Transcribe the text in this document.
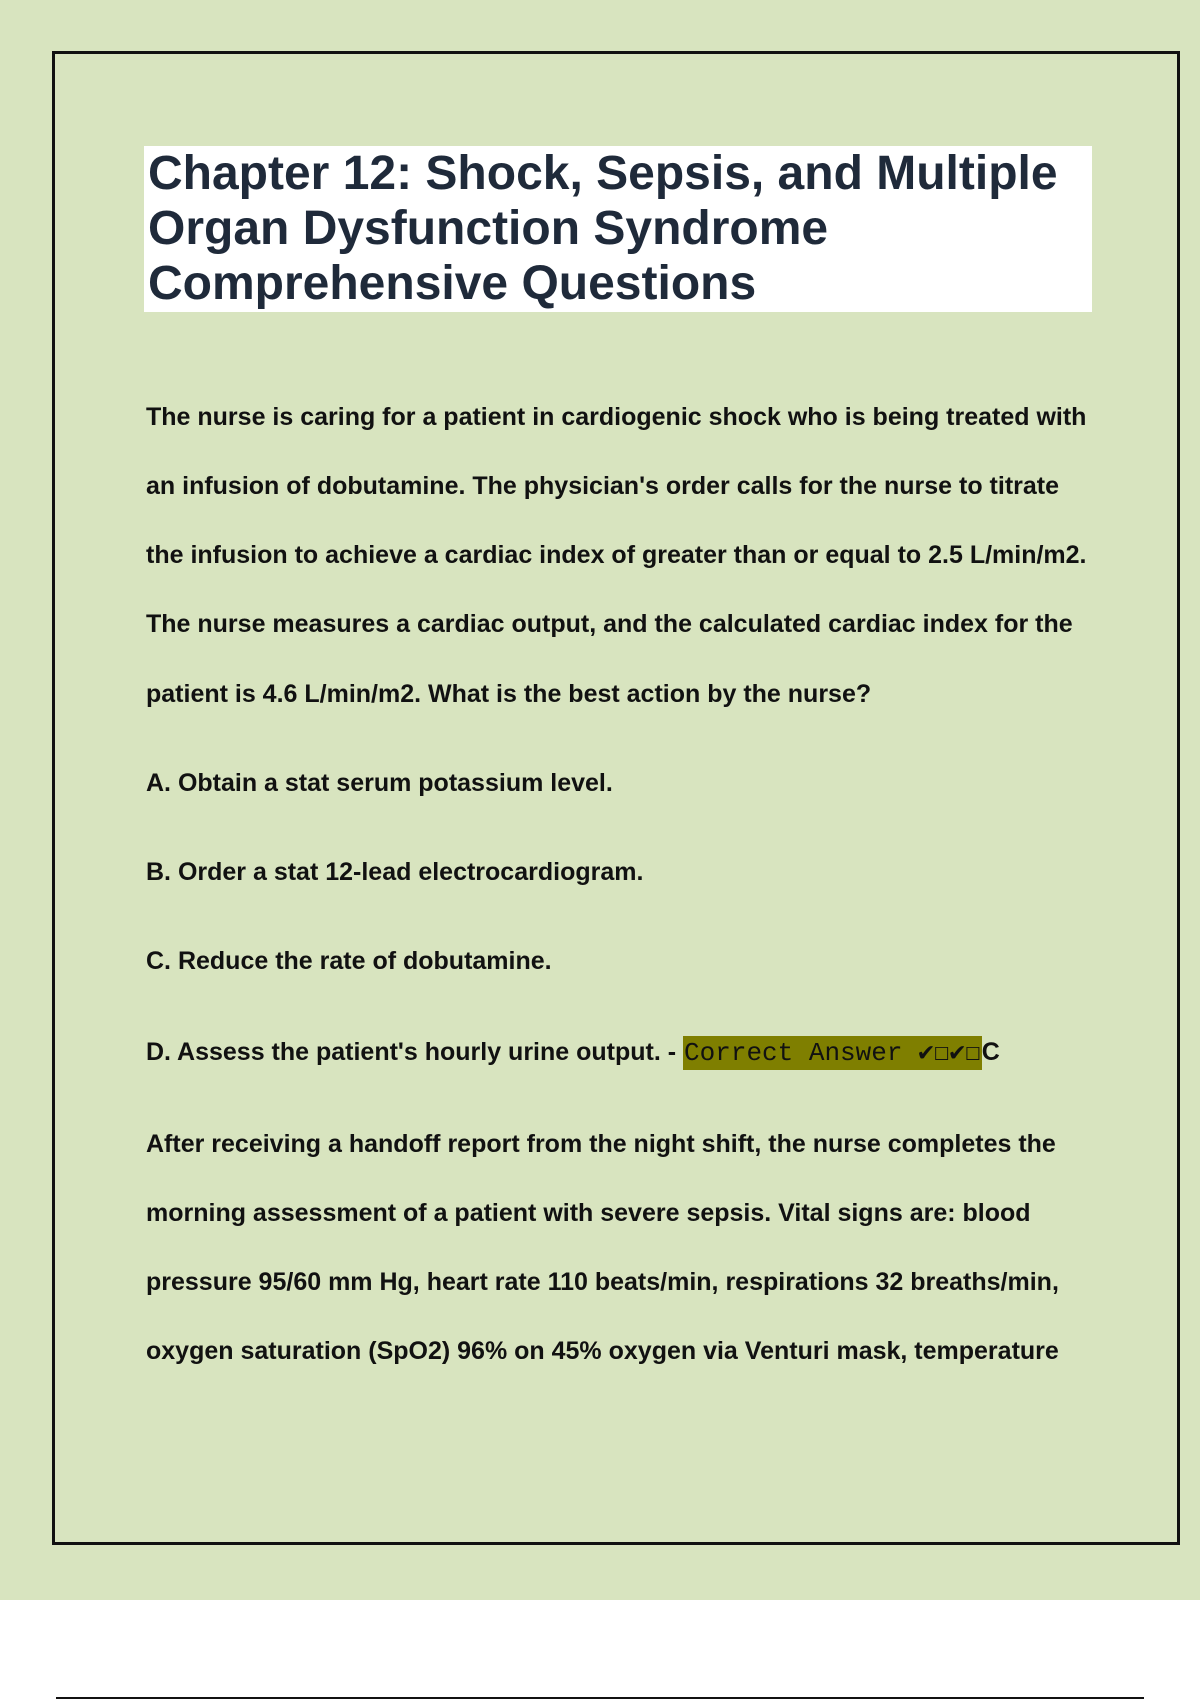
Chapter 12: Shock, Sepsis, and Multiple

Organ Dysfunction Syndrome

Comprehensive Questions

The nurse is caring for a patient in cardiogenic shock who is being treated with
an infusion of dobutamine. The physician's order calls for the nurse to titrate
the infusion to achieve a cardiac index of greater than or equal to 2.5 L/min/m2.
The nurse measures a cardiac output, and the calculated cardiac index for the
patient is 4.6 L/min/m2. What is the best action by the nurse?
A. Obtain a stat serum potassium level.
B. Order a stat 12-lead electrocardiogram.
C. Reduce the rate of dobutamine.
D. Assess the patient's hourly urine output. - Correct Answer ✔☐✔☐C
After receiving a handoff report from the night shift, the nurse completes the
morning assessment of a patient with severe sepsis. Vital signs are: blood
pressure 95/60 mm Hg, heart rate 110 beats/min, respirations 32 breaths/min,
oxygen saturation (SpO2) 96% on 45% oxygen via Venturi mask, temperature
